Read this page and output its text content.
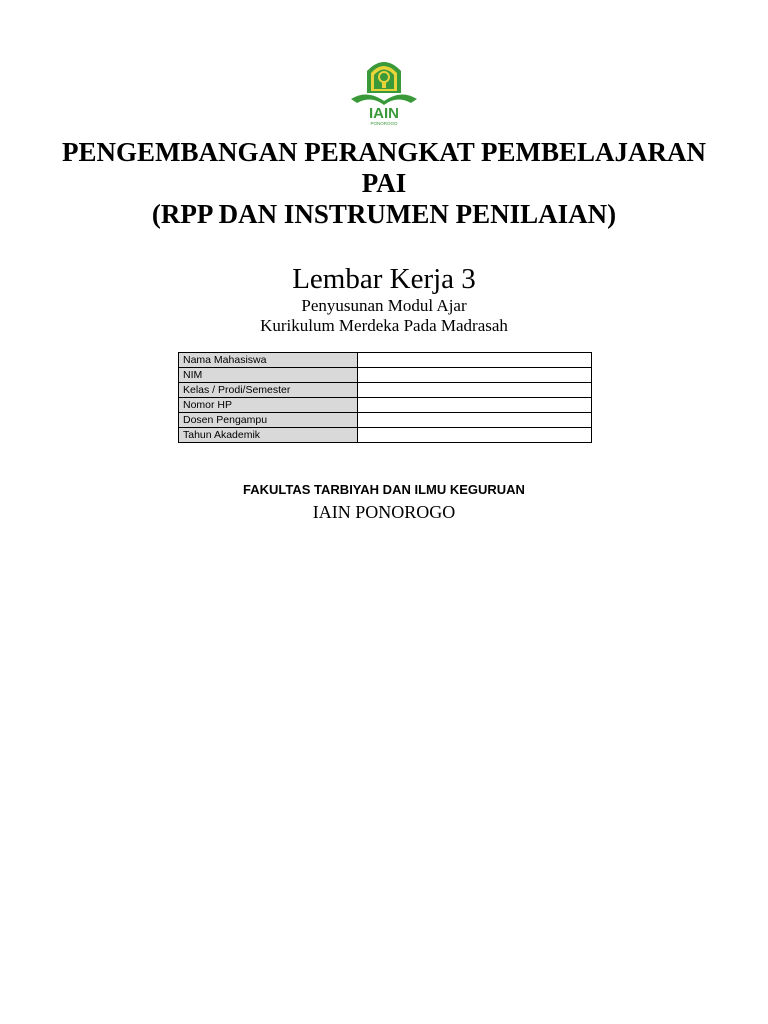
IAIN
PONOROGO
PENGEMBANGAN PERANGKAT PEMBELAJARAN
PAI
(RPP DAN INSTRUMEN PENILAIAN)
Lembar Kerja 3
Penyusunan Modul Ajar
Kurikulum Merdeka Pada Madrasah
Nama Mahasiswa	
NIM	
Kelas / Prodi/Semester	
Nomor HP	
Dosen Pengampu	
Tahun Akademik	
FAKULTAS TARBIYAH DAN ILMU KEGURUAN
IAIN PONOROGO
